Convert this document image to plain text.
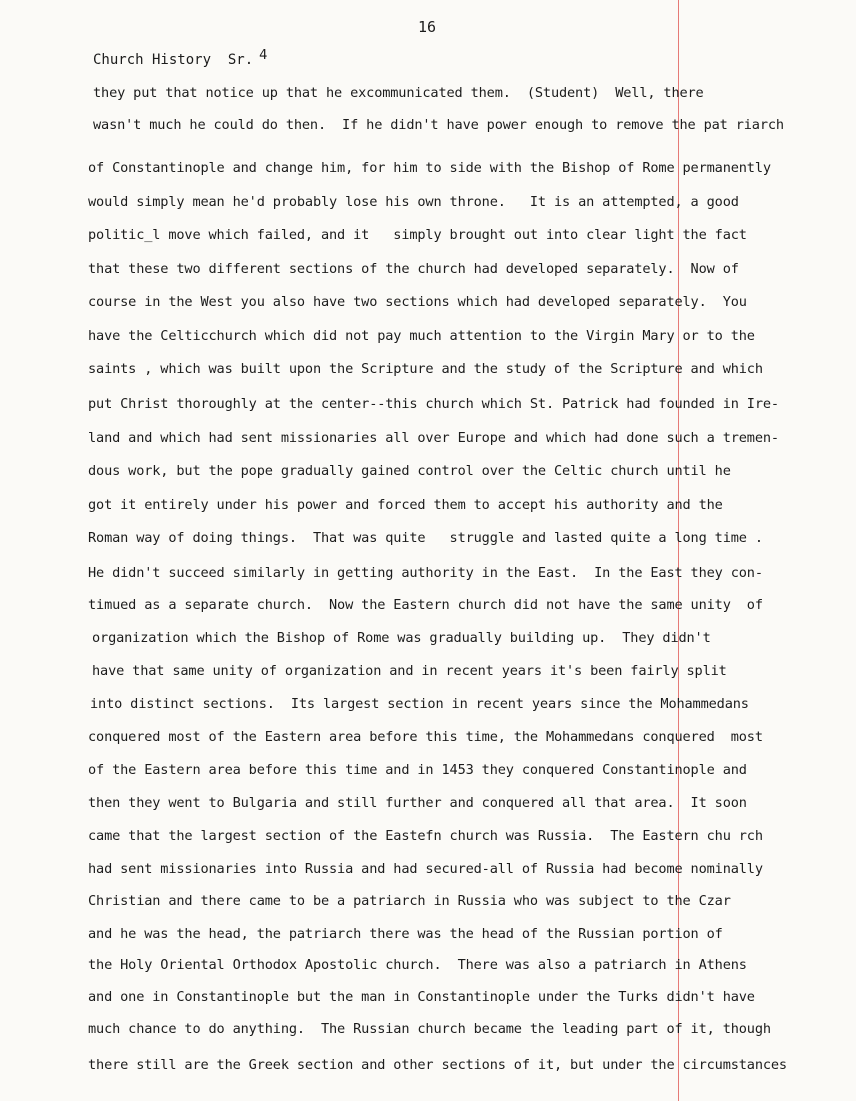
16
Church History  Sr. 4
they put that notice up that he excommunicated them.  (Student)  Well, there
wasn't much he could do then.  If he didn't have power enough to remove the pat riarch
of Constantinople and change him, for him to side with the Bishop of Rome permanently
would simply mean he'd probably lose his own throne.   It is an attempted, a good
politic_l move which failed, and it   simply brought out into clear light the fact
that these two different sections of the church had developed separately.  Now of
course in the West you also have two sections which had developed separately.  You
have the Celticchurch which did not pay much attention to the Virgin Mary or to the
saints , which was built upon the Scripture and the study of the Scripture and which
put Christ thoroughly at the center--this church which St. Patrick had founded in Ire-
land and which had sent missionaries all over Europe and which had done such a tremen-
dous work, but the pope gradually gained control over the Celtic church until he
got it entirely under his power and forced them to accept his authority and the
Roman way of doing things.  That was quite   struggle and lasted quite a long time .
He didn't succeed similarly in getting authority in the East.  In the East they con-
timued as a separate church.  Now the Eastern church did not have the same unity  of
organization which the Bishop of Rome was gradually building up.  They didn't
have that same unity of organization and in recent years it's been fairly split
into distinct sections.  Its largest section in recent years since the Mohammedans
conquered most of the Eastern area before this time, the Mohammedans conquered  most
of the Eastern area before this time and in 1453 they conquered Constantinople and
then they went to Bulgaria and still further and conquered all that area.  It soon
came that the largest section of the Eastefn church was Russia.  The Eastern chu rch
had sent missionaries into Russia and had secured-all of Russia had become nominally
Christian and there came to be a patriarch in Russia who was subject to the Czar
and he was the head, the patriarch there was the head of the Russian portion of
the Holy Oriental Orthodox Apostolic church.  There was also a patriarch in Athens
and one in Constantinople but the man in Constantinople under the Turks didn't have
much chance to do anything.  The Russian church became the leading part of it, though
there still are the Greek section and other sections of it, but under the circumstances
